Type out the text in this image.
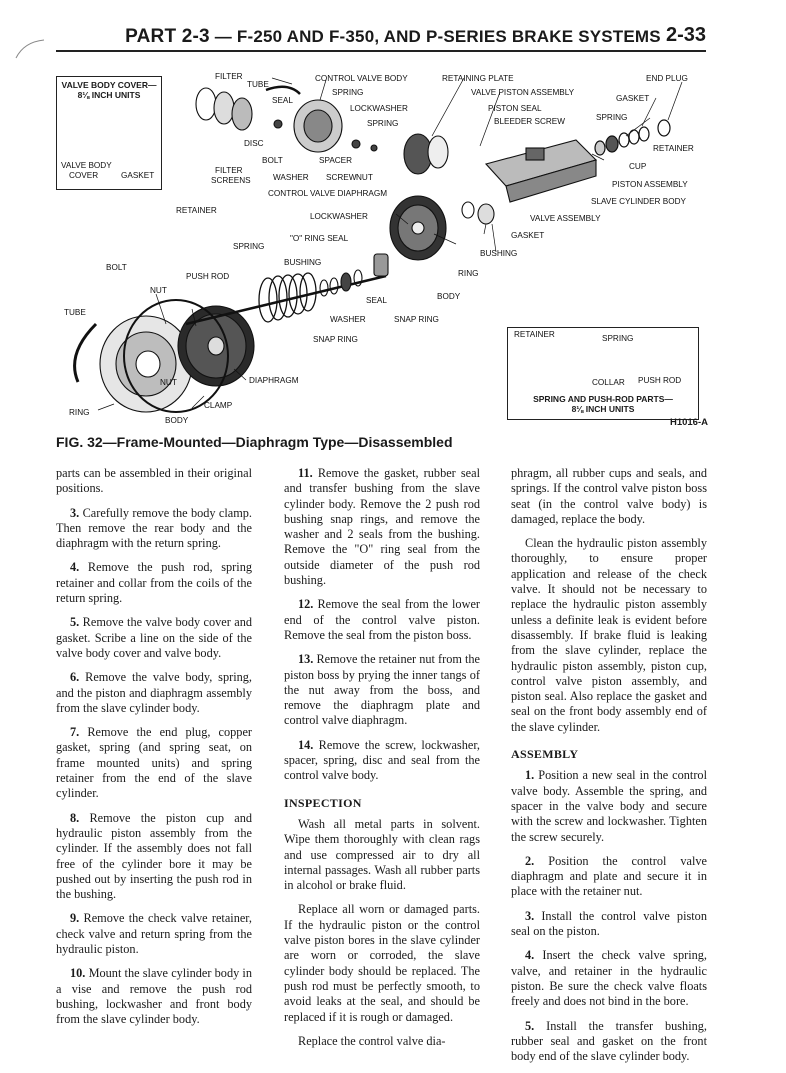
PART 2-3 — F-250 AND F-350, AND P-SERIES BRAKE SYSTEMS 2-33
VALVE BODY COVER—
8⅛ INCH UNITS
VALVE BODY
COVER	GASKET
FILTER
TUBE
SEAL
CONTROL VALVE BODY
SPRING
LOCKWASHER
SPRING
RETAINING PLATE
VALVE PISTON ASSEMBLY
PISTON SEAL
BLEEDER SCREW
END PLUG
GASKET
SPRING
RETAINER
CUP
PISTON ASSEMBLY
SLAVE CYLINDER BODY
DISC
BOLT	SPACER
FILTER
SCREENS	WASHER SCREW NUT
CONTROL VALVE DIAPHRAGM
RETAINER
LOCKWASHER	VALVE ASSEMBLY
"O" RING SEAL	GASKET
SPRING
BUSHING
BUSHING
BOLT
PUSH ROD	RING
NUT
BODY
SEAL
TUBE
WASHER	SNAP RING
SNAP RING
DIAPHRAGM
NUT
CLAMP
RING
BODY
RETAINER	SPRING
COLLAR PUSH ROD
SPRING AND PUSH-ROD PARTS—
8⅛ INCH UNITS
H1016-A
FIG. 32—Frame-Mounted—Diaphragm Type—Disassembled

parts can be assembled in their original positions.

3. Carefully remove the body clamp. Then remove the rear body and the diaphragm with the return spring.

4. Remove the push rod, spring retainer and collar from the coils of the return spring.

5. Remove the valve body cover and gasket. Scribe a line on the side of the valve body cover and valve body.

6. Remove the valve body, spring, and the piston and diaphragm assembly from the slave cylinder body.

7. Remove the end plug, copper gasket, spring (and spring seat, on frame mounted units) and spring retainer from the end of the slave cylinder.

8. Remove the piston cup and hydraulic piston assembly from the cylinder. If the assembly does not fall free of the cylinder bore it may be pushed out by inserting the push rod in the bushing.

9. Remove the check valve retainer, check valve and return spring from the hydraulic piston.

10. Mount the slave cylinder body in a vise and remove the push rod bushing, lockwasher and front body from the slave cylinder body.

11. Remove the gasket, rubber seal and transfer bushing from the slave cylinder body. Remove the 2 push rod bushing snap rings, and remove the washer and 2 seals from the bushing. Remove the "O" ring seal from the outside diameter of the push rod bushing.

12. Remove the seal from the lower end of the control valve piston. Remove the seal from the piston boss.

13. Remove the retainer nut from the piston boss by prying the inner tangs of the nut away from the boss, and remove the diaphragm plate and control valve diaphragm.

14. Remove the screw, lockwasher, spacer, spring, disc and seal from the control valve body.

INSPECTION

Wash all metal parts in solvent. Wipe them thoroughly with clean rags and use compressed air to dry all internal passages. Wash all rubber parts in alcohol or brake fluid.

Replace all worn or damaged parts. If the hydraulic piston or the control valve piston bores in the slave cylinder are worn or corroded, the slave cylinder body should be replaced. The push rod must be perfectly smooth, to avoid leaks at the seal, and should be replaced if it is rough or damaged.

Replace the control valve dia-

phragm, all rubber cups and seals, and springs. If the control valve piston boss seat (in the control valve body) is damaged, replace the body.

Clean the hydraulic piston assembly thoroughly, to ensure proper application and release of the check valve. It should not be necessary to replace the hydraulic piston assembly unless a definite leak is evident before disassembly. If brake fluid is leaking from the slave cylinder, replace the hydraulic piston assembly, piston cup, control valve piston assembly, and piston seal. Also replace the gasket and seal on the front body assembly end of the slave cylinder.

ASSEMBLY

1. Position a new seal in the control valve body. Assemble the spring, and spacer in the valve body and secure with the screw and lockwasher. Tighten the screw securely.

2. Position the control valve diaphragm and plate and secure it in place with the retainer nut.

3. Install the control valve piston seal on the piston.

4. Insert the check valve spring, valve, and retainer in the hydraulic piston. Be sure the check valve floats freely and does not bind in the bore.

5. Install the transfer bushing, rubber seal and gasket on the front body end of the slave cylinder body.
